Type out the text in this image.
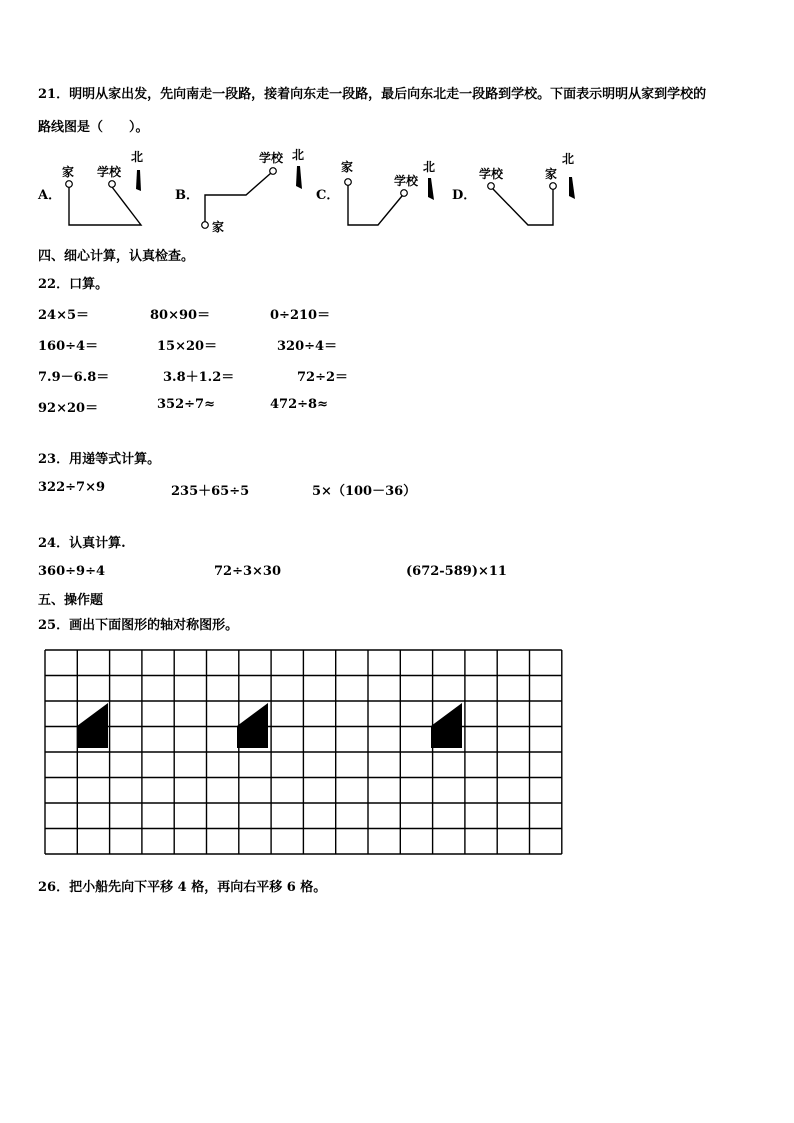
21．明明从家出发，先向南走一段路，接着向东走一段路，最后向东北走一段路到学校。下面表示明明从家到学校的
路线图是（　　）。
A．
家 学校
北
B．
学校
家
北
C．
家
学校
北
D．
学校	家
北
四、细心计算，认真检查。
22．口算。
24×5＝	80×90＝	0÷210＝
160÷4＝	15×20＝	320÷4＝
7.9－6.8＝	3.8＋1.2＝	72÷2＝
92×20＝	352÷7≈	472÷8≈
23．用递等式计算。
322÷7×9	235＋65÷5	5×（100－36）
24．认真计算.
360÷9÷4	72÷3×30	(672-589)×11
五、操作题
25．画出下面图形的轴对称图形。
26．把小船先向下平移 4 格，再向右平移 6 格。
